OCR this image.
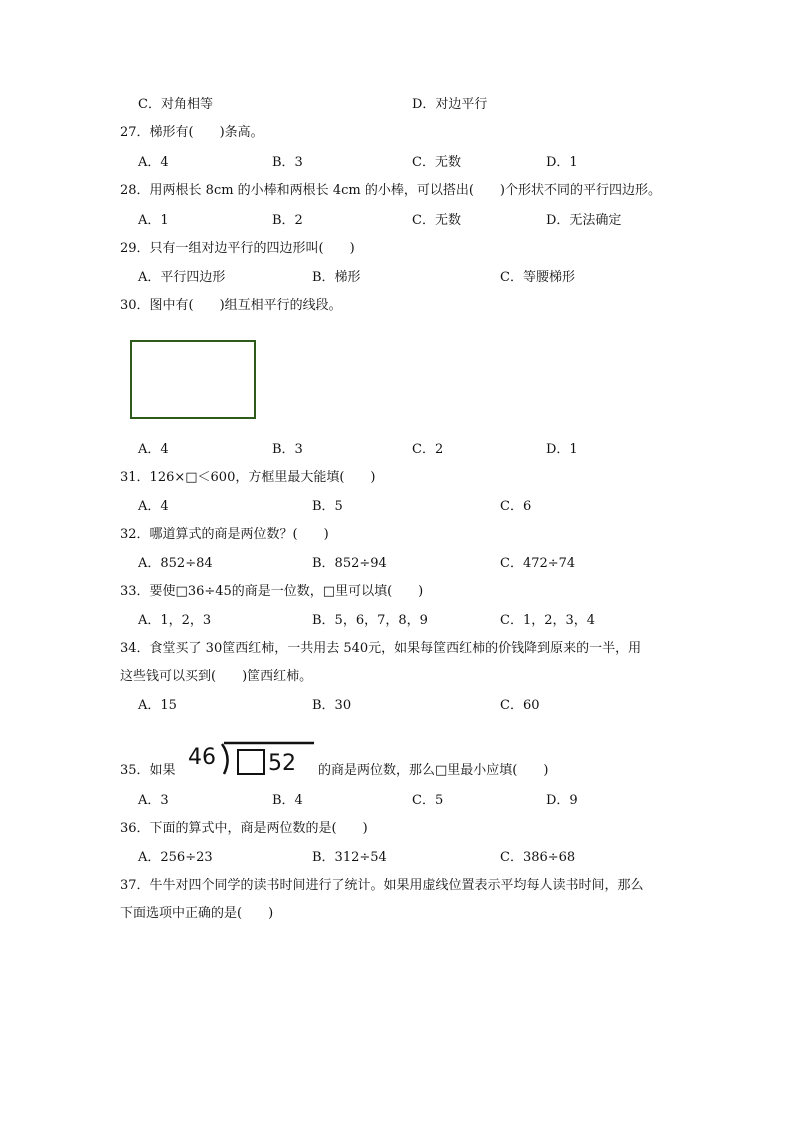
C．对角相等	D．对边平行
27．梯形有(　　)条高。
A．4	B．3	C．无数	D．1
28．用两根长 8cm 的小棒和两根长 4cm 的小棒，可以搭出(　　)个形状不同的平行四边形。
A．1	B．2	C．无数	D．无法确定
29．只有一组对边平行的四边形叫(　　)
A．平行四边形	B．梯形	C．等腰梯形
30．图中有(　　)组互相平行的线段。
A．4	B．3	C．2	D．1
31．126×□＜600，方框里最大能填(　　)
A．4	B．5	C．6
32．哪道算式的商是两位数？(　　)
A．852÷84	B．852÷94	C．472÷74
33．要使□36÷45的商是一位数，□里可以填(　　)
A．1，2，3	B．5，6，7，8，9	C．1，2，3，4
34．食堂买了 30筐西红柿，一共用去 540元，如果每筐西红柿的价钱降到原来的一半，用
这些钱可以买到(　　)筐西红柿。
A．15	B．30	C．60
35．如果
46 52 的商是两位数，那么□里最小应填(　　)
A．3	B．4	C．5	D．9
36．下面的算式中，商是两位数的是(　　)
A．256÷23	B．312÷54	C．386÷68
37．牛牛对四个同学的读书时间进行了统计。如果用虚线位置表示平均每人读书时间，那么
下面选项中正确的是(　　)
